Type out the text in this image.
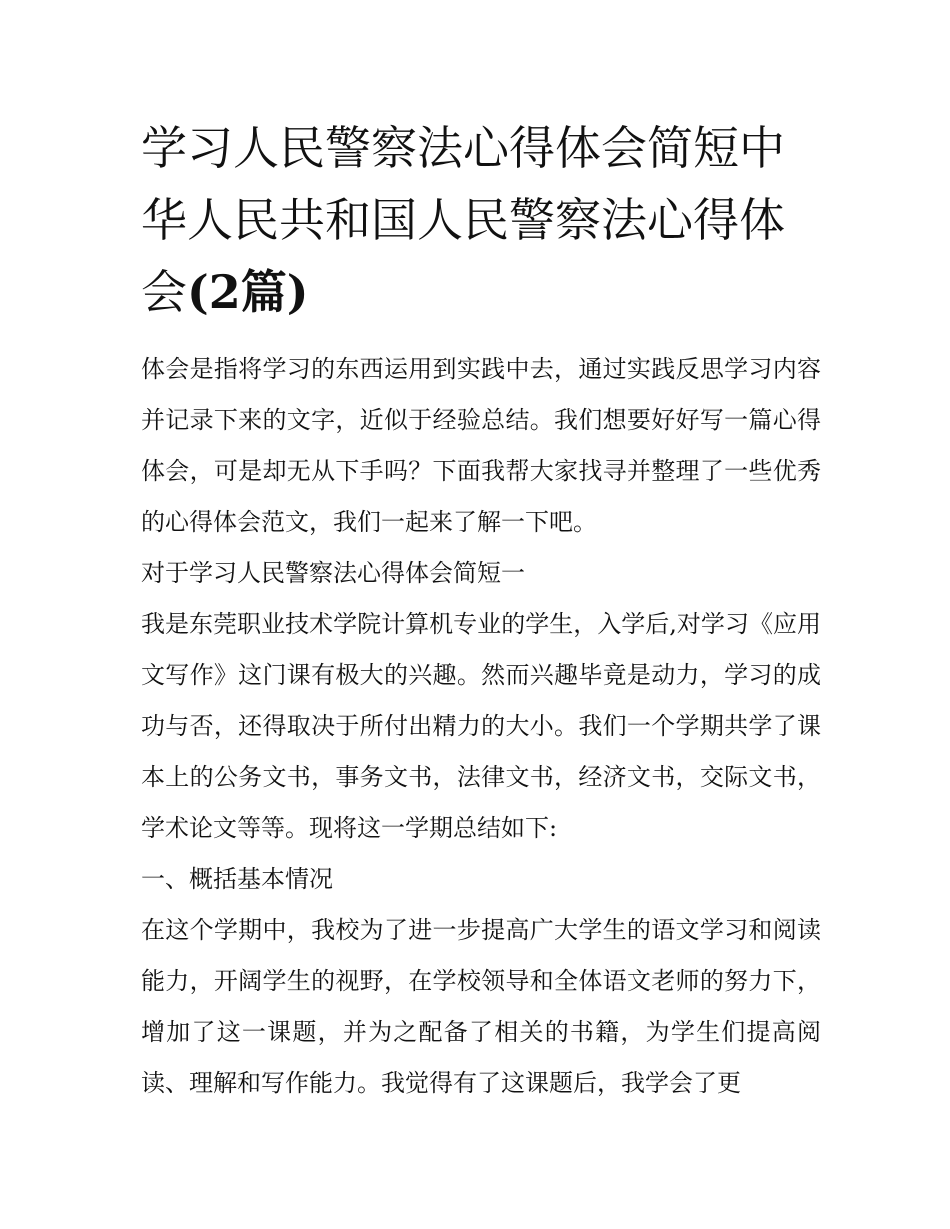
学习人民警察法心得体会简短中华人民共和国人民警察法心得体会(2篇)

体会是指将学习的东西运用到实践中去，通过实践反思学习内容并记录下来的文字，近似于经验总结。我们想要好好写一篇心得体会，可是却无从下手吗？下面我帮大家找寻并整理了一些优秀的心得体会范文，我们一起来了解一下吧。

对于学习人民警察法心得体会简短一

我是东莞职业技术学院计算机专业的学生，入学后,对学习《应用文写作》这门课有极大的兴趣。然而兴趣毕竟是动力，学习的成功与否，还得取决于所付出精力的大小。我们一个学期共学了课本上的公务文书，事务文书，法律文书，经济文书，交际文书，学术论文等等。现将这一学期总结如下:

一、概括基本情况

在这个学期中，我校为了进一步提高广大学生的语文学习和阅读能力，开阔学生的视野，在学校领导和全体语文老师的努力下，增加了这一课题，并为之配备了相关的书籍，为学生们提高阅读、理解和写作能力。我觉得有了这课题后，我学会了更
